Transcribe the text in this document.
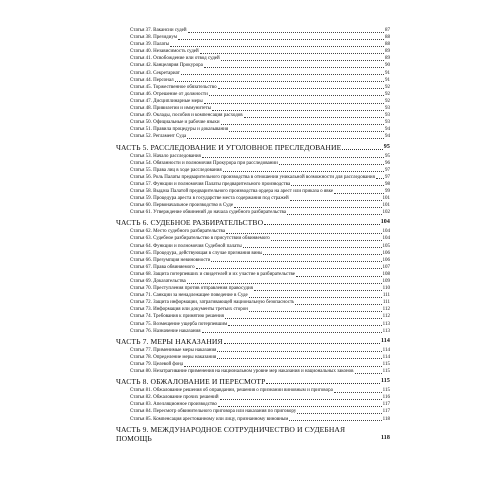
Статья 37. Вакансии судей	87
Статья 38. Президиум	88
Статья 39. Палаты	88
Статья 40. Независимость судей	89
Статья 41. Освобождение или отвод судей	89
Статья 42. Канцелярия Прокурора	90
Статья 43. Секретариат	91
Статья 44. Персонал	91
Статья 45. Торжественное обязательство	92
Статья 46. Отрешение от должности	92
Статья 47. Дисциплинарные меры	92
Статья 48. Привилегии и иммунитеты	93
Статья 49. Оклады, пособия и компенсация расходов	93
Статья 50. Официальные и рабочие языки	93
Статья 51. Правила процедуры и доказывания	94
Статья 52. Регламент Суда	94
ЧАСТЬ 5. РАССЛЕДОВАНИЕ И УГОЛОВНОЕ ПРЕСЛЕДОВАНИЕ	95
Статья 53. Начало расследования	95
Статья 54. Обязанности и полномочия Прокурора при расследовании	96
Статья 55. Права лиц в ходе расследования	97
Статья 56. Роль Палаты предварительного производства в отношении уникальной возможности для расследования 97
Статья 57. Функции и полномочия Палаты предварительного производства	98
Статья 58. Выдача Палатой предварительного производства ордера на арест или приказа о явке	99
Статья 59. Процедура ареста в государстве места содержания под стражей	101
Статья 60. Первоначальное производство в Суде	101
Статья 61. Утверждение обвинений до начала судебного разбирательства	102
ЧАСТЬ 6. СУДЕБНОЕ РАЗБИРАТЕЛЬСТВО	104
Статья 62. Место судебного разбирательства	104
Статья 63. Судебное разбирательство в присутствии обвиняемого	104
Статья 64. Функции и полномочия Судебной палаты	105
Статья 65. Процедура, действующая в случае признания вины	106
Статья 66. Презумпция невиновности	106
Статья 67. Права обвиняемого	107
Статья 68. Защита потерпевших и свидетелей и их участие в разбирательстве	108
Статья 69. Доказательства	109
Статья 70. Преступления против отправления правосудия	110
Статья 71. Санкции за ненадлежащее поведение в Суде	111
Статья 72. Защита информации, затрагивающей национальную безопасность	111
Статья 73. Информация или документы третьих сторон	112
Статья 74. Требования к принятию решения	112
Статья 75. Возмещение ущерба потерпевшим	113
Статья 76. Назначение наказания	113
ЧАСТЬ 7. МЕРЫ НАКАЗАНИЯ	114
Статья 77. Применимые меры наказания	114
Статья 78. Определение меры наказания	114
Статья 79. Целевой фонд	115
Статья 80. Незатрагивание применения на национальном уровне мер наказания и национальных законов	115
ЧАСТЬ 8. ОБЖАЛОВАНИЕ И ПЕРЕСМОТР	115
Статья 81. Обжалование решения об оправдании, решения о признании виновным и приговора	115
Статья 82. Обжалование прочих решений	116
Статья 83. Апелляционное производство	117
Статья 84. Пересмотр обвинительного приговора или наказания по приговору	117
Статья 85. Компенсация арестованному или лицу, признанному виновным	118
ЧАСТЬ 9. МЕЖДУНАРОДНОЕ СОТРУДНИЧЕСТВО И СУДЕБНАЯ ПОМОЩЬ	118
